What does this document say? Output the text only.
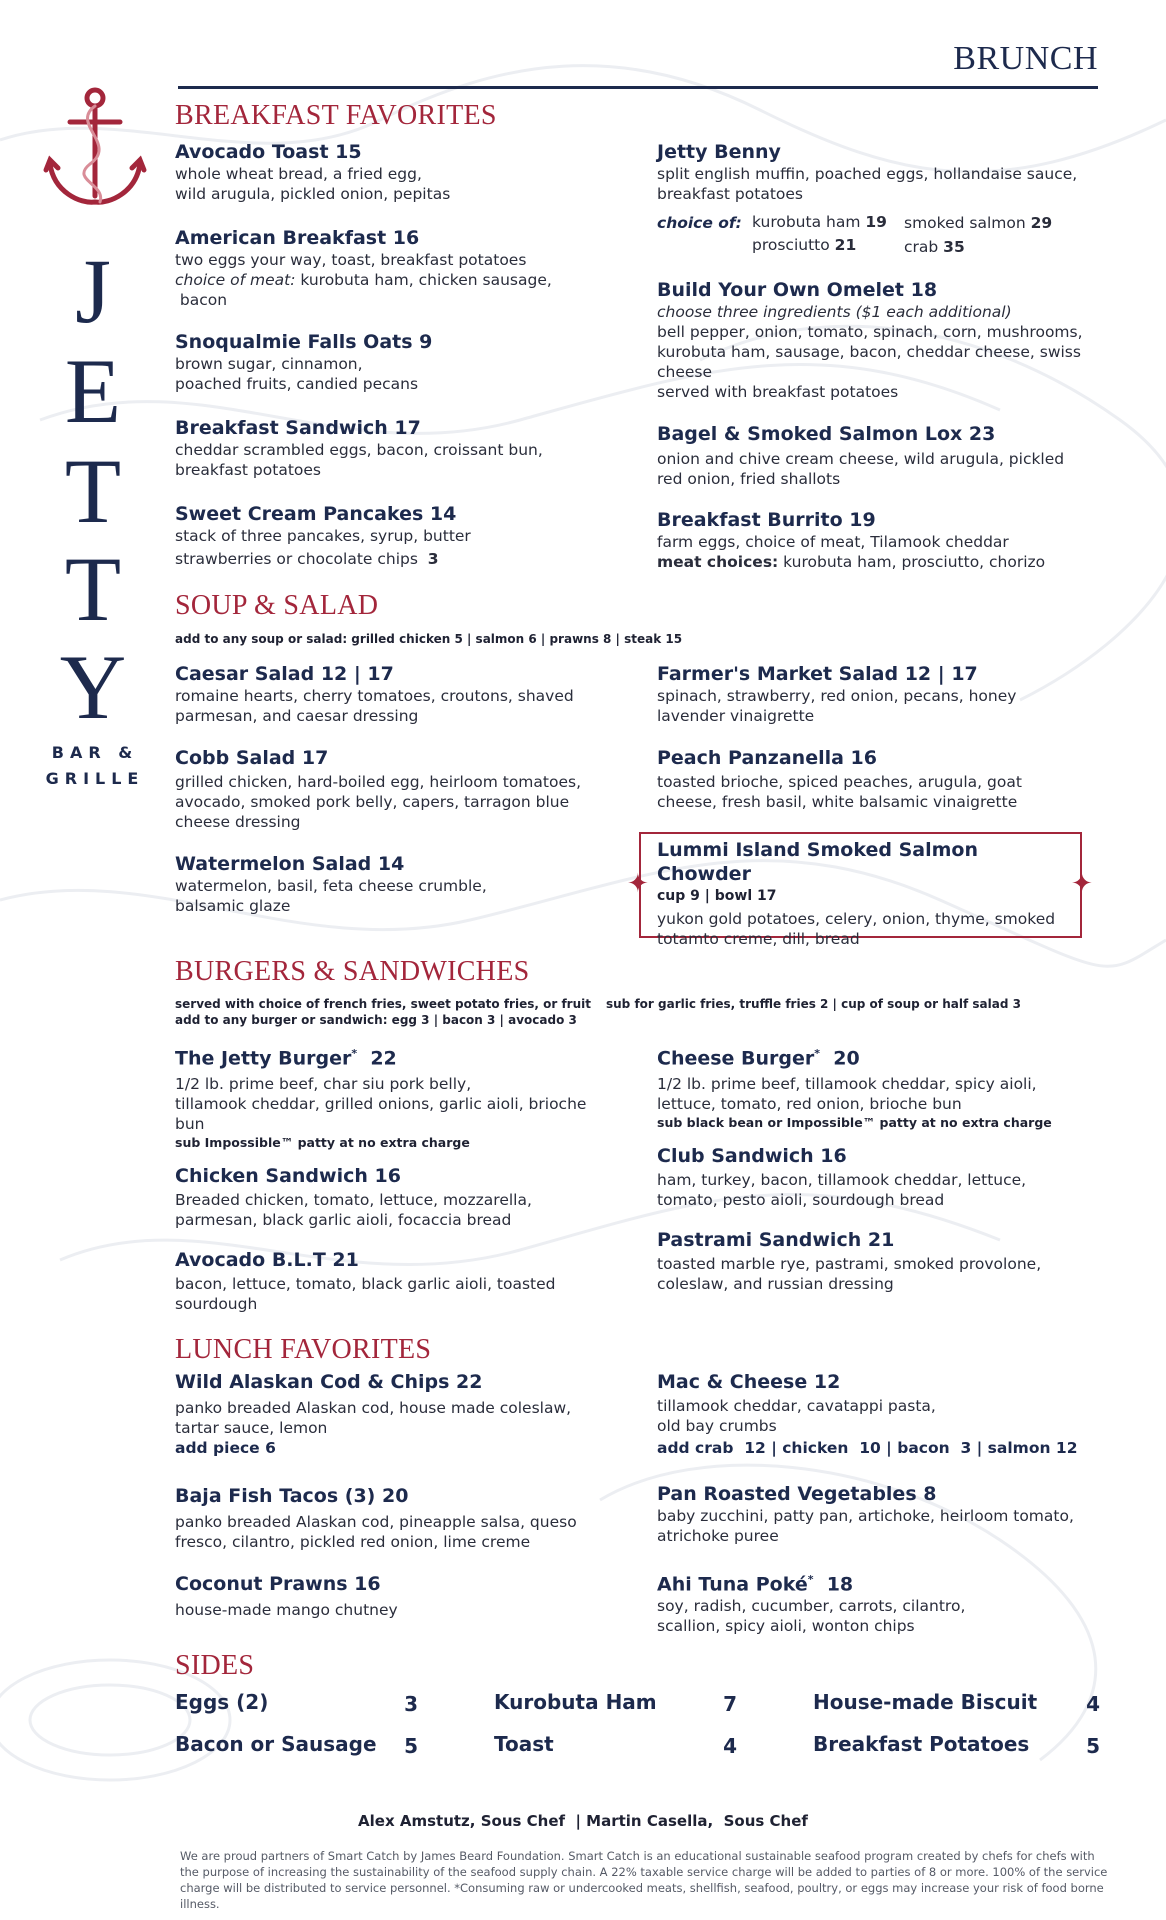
BRUNCH
J
E
T
T
Y
BAR &
GRILLE
BREAKFAST FAVORITES
Avocado Toast 15
whole wheat bread, a fried egg,
wild arugula, pickled onion, pepitas
American Breakfast 16
two eggs your way, toast, breakfast potatoes
choice of meat: kurobuta ham, chicken sausage,
bacon
Snoqualmie Falls Oats 9
brown sugar, cinnamon,
poached fruits, candied pecans
Breakfast Sandwich 17
cheddar scrambled eggs, bacon, croissant bun,
breakfast potatoes
Sweet Cream Pancakes 14
stack of three pancakes, syrup, butter
strawberries or chocolate chips 3
Jetty Benny
split english muffin, poached eggs, hollandaise sauce,
breakfast potatoes
choice of: kurobuta ham 19 smoked salmon 29
prosciutto 21	crab 35
Build Your Own Omelet 18
choose three ingredients ($1 each additional)
bell pepper, onion, tomato, spinach, corn, mushrooms,
kurobuta ham, sausage, bacon, cheddar cheese, swiss
cheese
served with breakfast potatoes
Bagel & Smoked Salmon Lox 23
onion and chive cream cheese, wild arugula, pickled
red onion, fried shallots
Breakfast Burrito 19
farm eggs, choice of meat, Tilamook cheddar
meat choices: kurobuta ham, prosciutto, chorizo
SOUP & SALAD
add to any soup or salad: grilled chicken 5 | salmon 6 | prawns 8 | steak 15
Caesar Salad 12 | 17
romaine hearts, cherry tomatoes, croutons, shaved
parmesan, and caesar dressing
Cobb Salad 17
grilled chicken, hard-boiled egg, heirloom tomatoes,
avocado, smoked pork belly, capers, tarragon blue
cheese dressing
Watermelon Salad 14
watermelon, basil, feta cheese crumble,
balsamic glaze
Farmer's Market Salad 12 | 17
spinach, strawberry, red onion, pecans, honey
lavender vinaigrette
Peach Panzanella 16
toasted brioche, spiced peaches, arugula, goat
cheese, fresh basil, white balsamic vinaigrette
✦	✦
Lummi Island Smoked Salmon Chowder
cup 9 | bowl 17
yukon gold potatoes, celery, onion, thyme, smoked
totamto creme, dill, bread
BURGERS & SANDWICHES
served with choice of french fries, sweet potato fries, or fruit sub for garlic fries, truffle fries 2 | cup of soup or half salad 3
add to any burger or sandwich: egg 3 | bacon 3 | avocado 3
The Jetty Burger*  22
1/2 lb. prime beef, char siu pork belly,
tillamook cheddar, grilled onions, garlic aioli, brioche
bun
sub Impossible™ patty at no extra charge
Chicken Sandwich 16
Breaded chicken, tomato, lettuce, mozzarella,
parmesan, black garlic aioli, focaccia bread
Avocado B.L.T 21
bacon, lettuce, tomato, black garlic aioli, toasted
sourdough
Cheese Burger*  20
1/2 lb. prime beef, tillamook cheddar, spicy aioli,
lettuce, tomato, red onion, brioche bun
sub black bean or Impossible™ patty at no extra charge
Club Sandwich 16
ham, turkey, bacon, tillamook cheddar, lettuce,
tomato, pesto aioli, sourdough bread
Pastrami Sandwich 21
toasted marble rye, pastrami, smoked provolone,
coleslaw, and russian dressing
LUNCH FAVORITES
Wild Alaskan Cod & Chips 22
panko breaded Alaskan cod, house made coleslaw,
tartar sauce, lemon
add piece 6
Baja Fish Tacos (3) 20
panko breaded Alaskan cod, pineapple salsa, queso
fresco, cilantro, pickled red onion, lime creme
Coconut Prawns 16
house-made mango chutney
Mac & Cheese 12
tillamook cheddar, cavatappi pasta,
old bay crumbs
add crab  12 | chicken  10 | bacon  3 | salmon 12
Pan Roasted Vegetables 8
baby zucchini, patty pan, artichoke, heirloom tomato,
atrichoke puree
Ahi Tuna Poké*  18
soy, radish, cucumber, carrots, cilantro,
scallion, spicy aioli, wonton chips
SIDES
Eggs (2)	3
Bacon or Sausage	5
Kurobuta Ham	7
Toast	4
House-made Biscuit	4
Breakfast Potatoes	5
Alex Amstutz, Sous Chef  | Martin Casella,  Sous Chef
We are proud partners of Smart Catch by James Beard Foundation. Smart Catch is an educational sustainable seafood program created by chefs for chefs with the purpose of increasing the sustainability of the seafood supply chain. A 22% taxable service charge will be added to parties of 8 or more. 100% of the service charge will be distributed to service personnel. *Consuming raw or undercooked meats, shellfish, seafood, poultry, or eggs may increase your risk of food borne illness.
